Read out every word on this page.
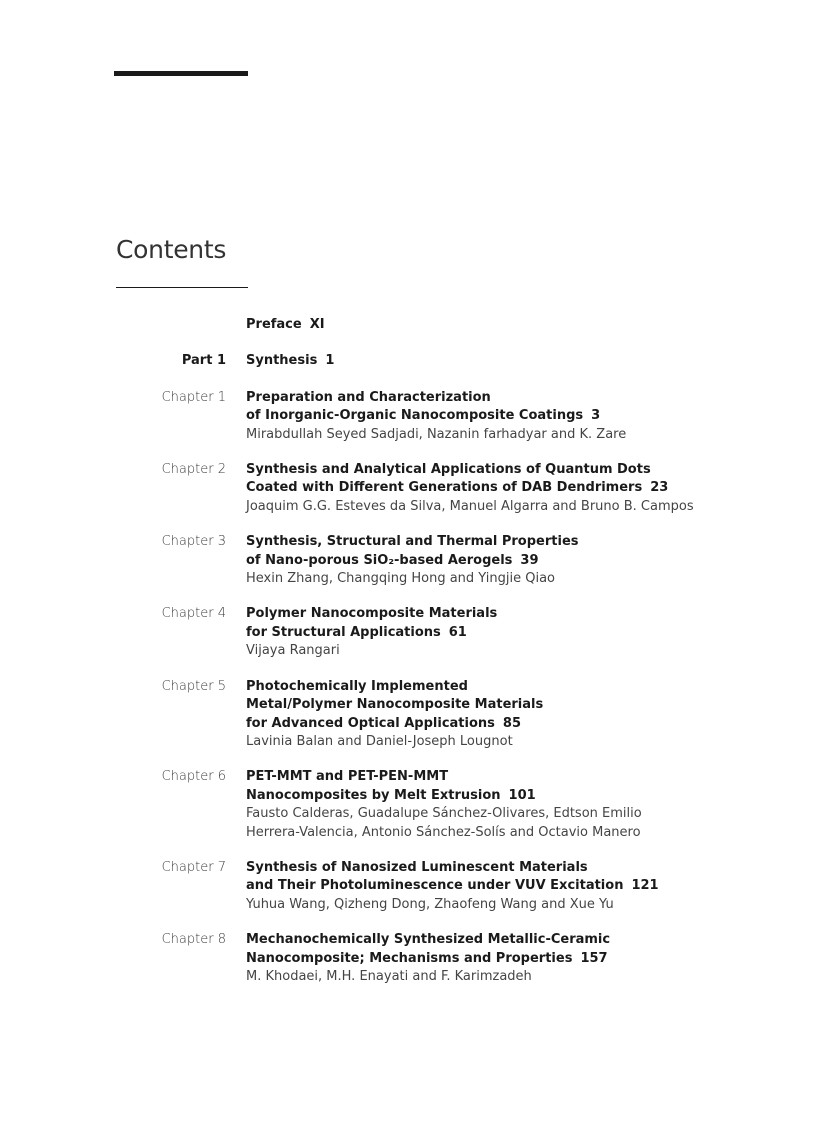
Contents
Preface XI
Part 1	Synthesis 1
Chapter 1	Preparation and Characterization
of Inorganic-Organic Nanocomposite Coatings 3
Mirabdullah Seyed Sadjadi, Nazanin farhadyar and K. Zare
Chapter 2	Synthesis and Analytical Applications of Quantum Dots
Coated with Different Generations of DAB Dendrimers 23
Joaquim G.G. Esteves da Silva, Manuel Algarra and Bruno B. Campos
Chapter 3	Synthesis, Structural and Thermal Properties
of Nano-porous SiO₂-based Aerogels 39
Hexin Zhang, Changqing Hong and Yingjie Qiao
Chapter 4	Polymer Nanocomposite Materials
for Structural Applications 61
Vijaya Rangari
Chapter 5	Photochemically Implemented
Metal/Polymer Nanocomposite Materials
for Advanced Optical Applications 85
Lavinia Balan and Daniel-Joseph Lougnot
Chapter 6	PET-MMT and PET-PEN-MMT
Nanocomposites by Melt Extrusion 101
Fausto Calderas, Guadalupe Sánchez-Olivares, Edtson Emilio
Herrera-Valencia, Antonio Sánchez-Solís and Octavio Manero
Chapter 7	Synthesis of Nanosized Luminescent Materials
and Their Photoluminescence under VUV Excitation 121
Yuhua Wang, Qizheng Dong, Zhaofeng Wang and Xue Yu
Chapter 8	Mechanochemically Synthesized Metallic-Ceramic
Nanocomposite; Mechanisms and Properties 157
M. Khodaei, M.H. Enayati and F. Karimzadeh
